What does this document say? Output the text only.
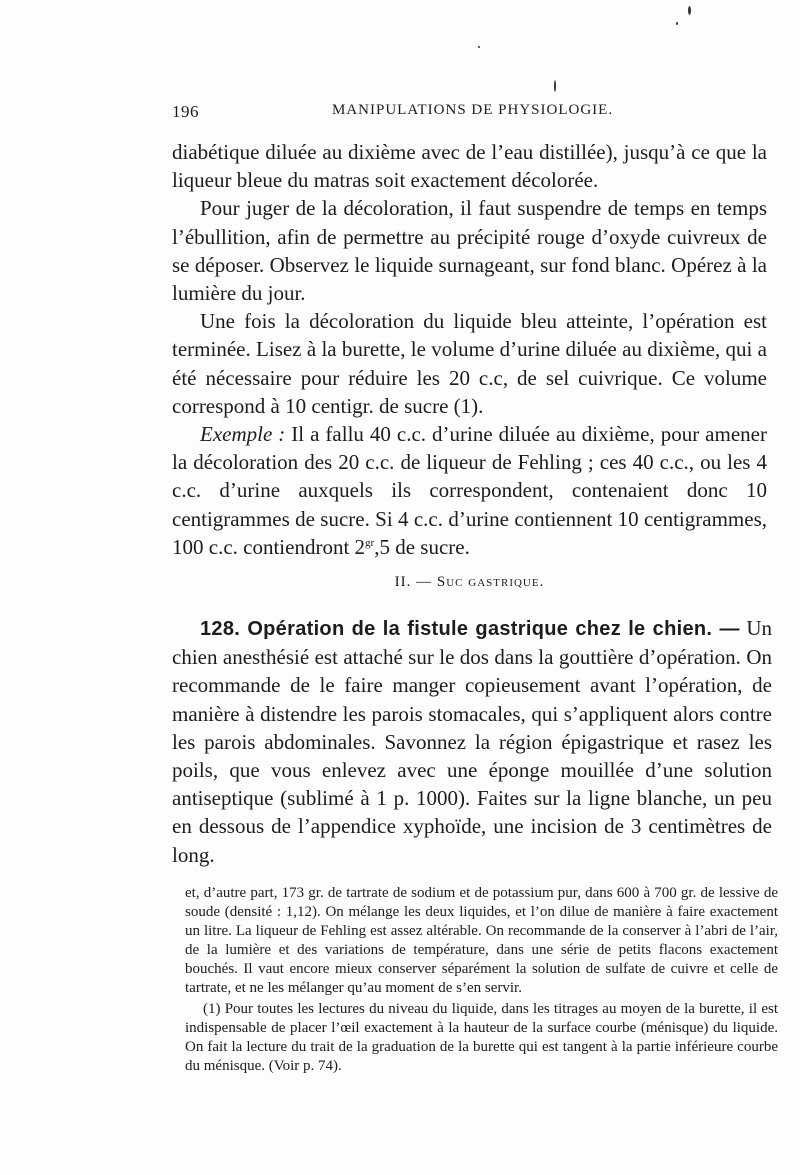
196	MANIPULATIONS DE PHYSIOLOGIE.

diabétique diluée au dixième avec de l’eau distillée), jusqu’à ce que la liqueur bleue du matras soit exactement décolorée.

Pour juger de la décoloration, il faut suspendre de temps en temps l’ébullition, afin de permettre au précipité rouge d’oxyde cuivreux de se déposer. Observez le liquide surnageant, sur fond blanc. Opérez à la lumière du jour.

Une fois la décoloration du liquide bleu atteinte, l’opération est terminée. Lisez à la burette, le volume d’urine diluée au dixième, qui a été nécessaire pour réduire les 20 c.c, de sel cuivrique. Ce volume correspond à 10 centigr. de sucre (1).

Exemple : Il a fallu 40 c.c. d’urine diluée au dixième, pour amener la décoloration des 20 c.c. de liqueur de Fehling ; ces 40 c.c., ou les 4 c.c. d’urine auxquels ils correspondent, contenaient donc 10 centigrammes de sucre. Si 4 c.c. d’urine contiennent 10 centigrammes, 100 c.c. contiendront $2^{gr},5$ de sucre.

II. — Suc gastrique.

128. Opération de la fistule gastrique chez le chien. — Un chien anesthésié est attaché sur le dos dans la gouttière d’opération. On recommande de le faire manger copieusement avant l’opération, de manière à distendre les parois stomacales, qui s’appliquent alors contre les parois abdominales. Savonnez la région épigastrique et rasez les poils, que vous enlevez avec une éponge mouillée d’une solution antiseptique (sublimé à 1 p. 1000). Faites sur la ligne blanche, un peu en dessous de l’appendice xyphoïde, une incision de 3 centimètres de long.

et, d’autre part, 173 gr. de tartrate de sodium et de potassium pur, dans 600 à 700 gr. de lessive de soude (densité : 1,12). On mélange les deux liquides, et l’on dilue de manière à faire exactement un litre. La liqueur de Fehling est assez altérable. On recommande de la conserver à l’abri de l’air, de la lumière et des variations de température, dans une série de petits flacons exactement bouchés. Il vaut encore mieux conserver séparément la solution de sulfate de cuivre et celle de tartrate, et ne les mélanger qu’au moment de s’en servir.

(1) Pour toutes les lectures du niveau du liquide, dans les titrages au moyen de la burette, il est indispensable de placer l’œil exactement à la hauteur de la surface courbe (ménisque) du liquide. On fait la lecture du trait de la graduation de la burette qui est tangent à la partie inférieure courbe du ménisque. (Voir p. 74).
